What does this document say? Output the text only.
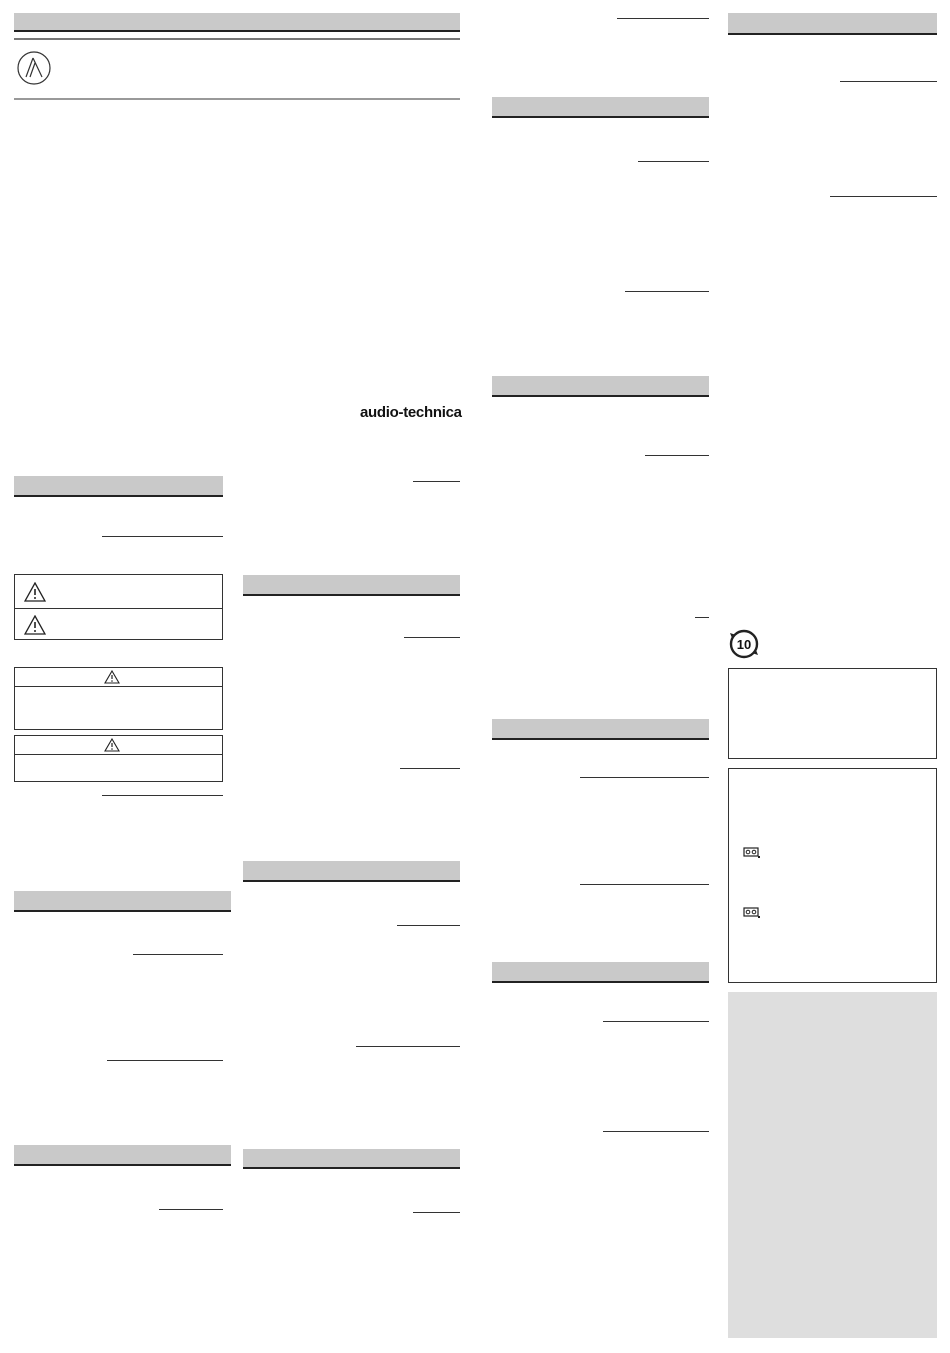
audio-technica
10
